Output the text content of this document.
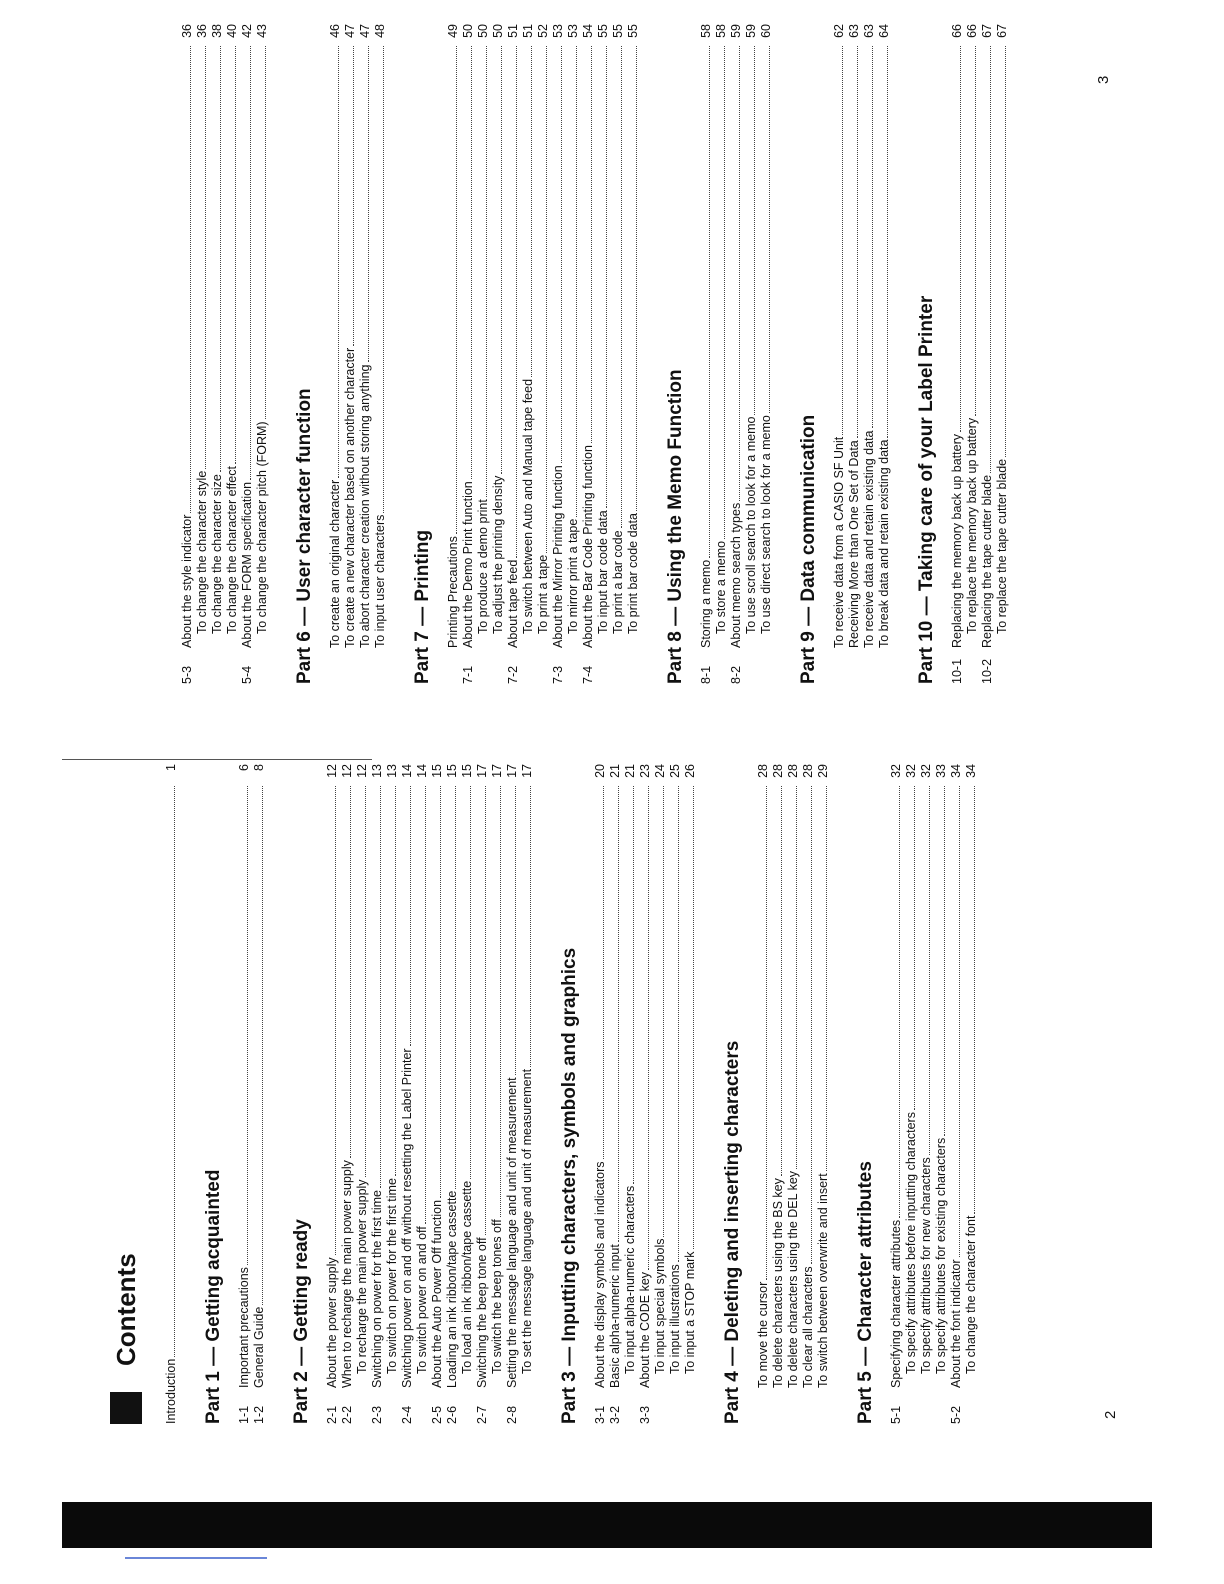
Contents
Introduction
1
Part 1 — Getting acquainted 1-1
Important precautions
6
1-2
General Guide
8
Part 2 — Getting ready 2-1
About the power supply
12
2-2
When to recharge the main power supply
12
To recharge the main power supply
12
2-3
Switching on power for the first time
13
To switch on power for the first time
13
2-4
Switching power on and off without resetting the Label Printer
14
To switch power on and off
14
2-5
About the Auto Power Off function
15
2-6
Loading an ink ribbon/tape cassette
15
To load an ink ribbon/tape cassette
15
2-7
Switching the beep tone off
17
To switch the beep tones off
17
2-8
Setting the message language and unit of measurement
17
To set the message language and unit of measurement
17
Part 3 — Inputting characters, symbols and graphics 3-1
About the display symbols and indicators
20
3-2
Basic alpha-numeric input
21
To input alpha-numeric characters
21
3-3
About the CODE key
23
To input special symbols
24
To input illustrations
25
To input a STOP mark
26
Part 4 — Deleting and inserting characters To move the cursor
28
To delete characters using the BS key
28
To delete characters using the DEL key
28
To clear all characters
28
To switch between overwrite and insert
29
Part 5 — Character attributes 5-1
Specifying character attributes
32
To specify attributes before inputting characters
32
To specify attributes for new characters
32
To specify attributes for existing characters
33
5-2
About the font indicator
34
To change the character font
34
2
5-3
About the style indicator
36
To change the character style
36
To change the character size
38
To change the character effect
40
5-4
About the FORM specification
42
To change the character pitch (FORM)
43
Part 6 — User character function To create an original character
46
To create a new character based on another character
47
To abort character creation without storing anything
47
To input user characters
48
Part 7 — Printing Printing Precautions
49
7-1
About the Demo Print function
50
To produce a demo print
50
To adjust the printing density
50
7-2
About tape feed
51
To switch between Auto and Manual tape feed
51
To print a tape
52
7-3
About the Mirror Printing function
53
To mirror print a tape
53
7-4
About the Bar Code Printing function
54
To input bar code data
55
To print a bar code
55
To print bar code data
55
Part 8 — Using the Memo Function 8-1
Storing a memo
58
To store a memo
58
8-2
About memo search types
59
To use scroll search to look for a memo
59
To use direct search to look for a memo
60
Part 9 — Data communication To receive data from a CASIO SF Unit
62
Receiving More than One Set of Data
63
To receive data and retain existing data
63
To break data and retain existing data
64
Part 10 — Taking care of your Label Printer 10-1
Replacing the memory back up battery
66
To replace the memory back up battery
66
10-2
Replacing the tape cutter blade
67
To replace the tape cutter blade
67
3
